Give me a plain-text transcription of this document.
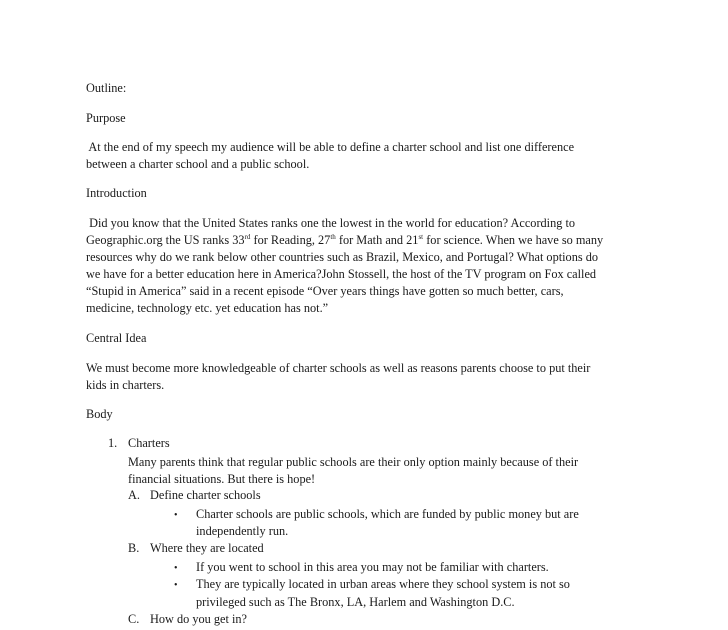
Outline:
Purpose
At the end of my speech my audience will be able to define a charter school and list one difference
between a charter school and a public school.
Introduction
Did you know that the United States ranks one the lowest in the world for education? According to
Geographic.org the US ranks 33rd for Reading, 27th for Math and 21st for science. When we have so many
resources why do we rank below other countries such as Brazil, Mexico, and Portugal? What options do
we have for a better education here in America?John Stossell, the host of the TV program on Fox called
“Stupid in America” said in a recent episode “Over years things have gotten so much better, cars,
medicine, technology etc. yet education has not.”
Central Idea
We must become more knowledgeable of charter schools as well as reasons parents choose to put their
kids in charters.
Body
1. Charters
Many parents think that regular public schools are their only option mainly because of their
financial situations. But there is hope!
A. Define charter schools
• Charter schools are public schools, which are funded by public money but are
independently run.
B. Where they are located
• If you went to school in this area you may not be familiar with charters.
• They are typically located in urban areas where they school system is not so
privileged such as The Bronx, LA, Harlem and Washington D.C.
C. How do you get in?
